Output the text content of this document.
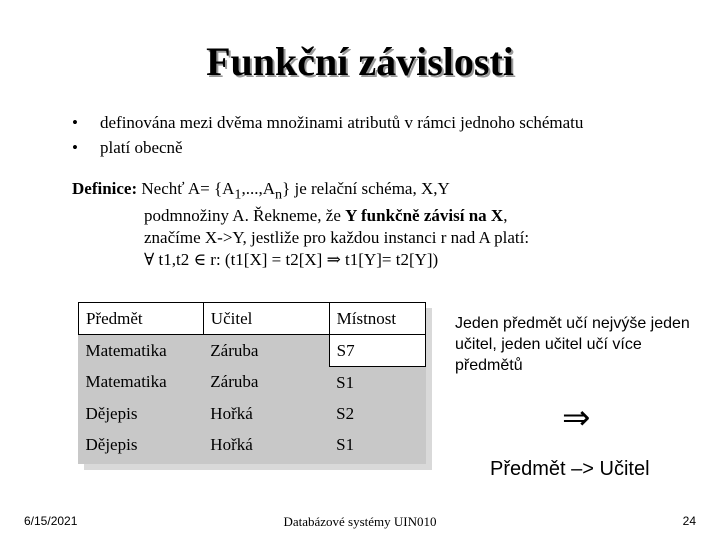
Funkční závislosti
•	definována mezi dvěma množinami atributů v rámci jednoho schématu
•	platí obecně
Definice: Nechť $A= \{A_1,...,A_n\}$ je relační schéma, X,Y
podmnožiny A. Řekneme, že Y funkčně závisí na X,
značíme X->Y, jestliže pro každou instanci r nad A platí:
∀ t1,t2 ∈ r: (t1[X] = t2[X] ⇒ t1[Y]= t2[Y])
Předmět	Učitel	Místnost
Matematika	Záruba	S7
Matematika	Záruba	S1
Dějepis	Hořká	S2
Dějepis	Hořká	S1
Jeden předmět učí nejvýše jeden učitel, jeden učitel učí více předmětů
⇒
Předmět –> Učitel
6/15/2021	Databázové systémy UIN010	24
